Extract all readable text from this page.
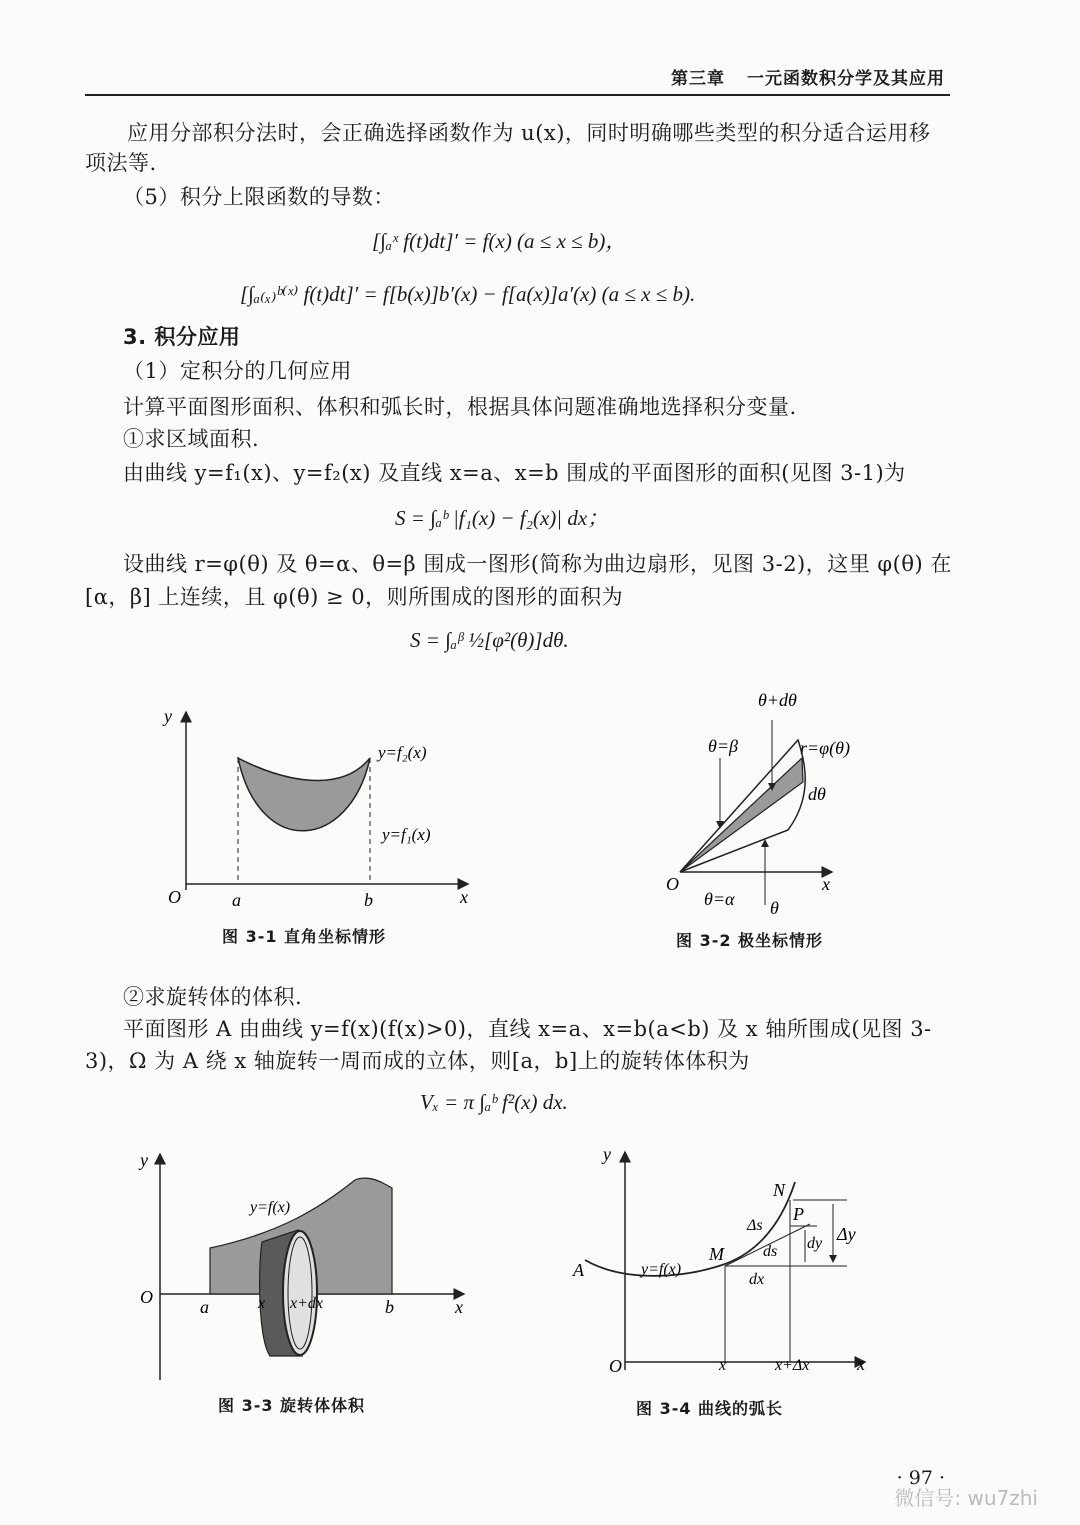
第三章 一元函数积分学及其应用
应用分部积分法时，会正确选择函数作为 u(x)，同时明确哪些类型的积分适合运用移
项法等.
（5）积分上限函数的导数：
[∫ₐˣ f(t)dt]′ = f(x) (a ≤ x ≤ b)，
[∫ₐ₍ₓ₎ᵇ⁽ˣ⁾ f(t)dt]′ = f[b(x)]b′(x) − f[a(x)]a′(x) (a ≤ x ≤ b).
3. 积分应用
（1）定积分的几何应用
计算平面图形面积、体积和弧长时，根据具体问题准确地选择积分变量.
①求区域面积.
由曲线 y=f₁(x)、y=f₂(x) 及直线 x=a、x=b 围成的平面图形的面积(见图 3-1)为
S = ∫ₐᵇ |f₁(x) − f₂(x)| dx；
设曲线 r=φ(θ) 及 θ=α、θ=β 围成一图形(简称为曲边扇形，见图 3-2)，这里 φ(θ) 在
[α，β] 上连续，且 φ(θ) ≥ 0，则所围成的图形的面积为
S = ∫ₐᵝ ½[φ²(θ)]dθ.
y
x
O	a	b
y=f₂(x)
y=f₁(x)
图 3-1 直角坐标情形
θ+dθ
θ=β	r=φ(θ)
dθ
O	x
θ=α θ
图 3-2 极坐标情形
②求旋转体的体积.
平面图形 A 由曲线 y=f(x)(f(x)>0)，直线 x=a、x=b(a<b) 及 x 轴所围成(见图 3-
3)，Ω 为 A 绕 x 轴旋转一周而成的立体，则[a，b]上的旋转体体积为
Vₓ = π ∫ₐᵇ f²(x) dx.
y
x
O	a	b
x x+dx
y=f(x)
图 3-3 旋转体体积
y
x
O
A
N
M
P
y=f(x)
Δs
ds dy Δy
dx
x	x+Δx
图 3-4 曲线的弧长
· 97 ·
微信号: wu7zhi
